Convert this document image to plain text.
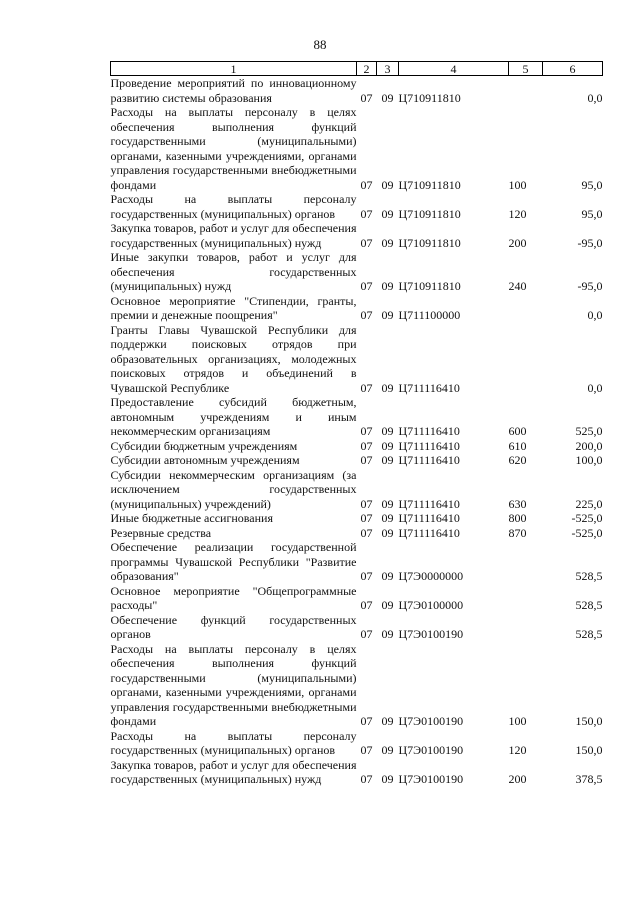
88
1	2	3	4	5	6
Проведение мероприятий по инновационному развитию системы образования	07	09	Ц710911810		0,0
Расходы на выплаты персоналу в целях обеспечения выполнения функций государственными (муниципальными) органами, казенными учреждениями, органами управления государственными внебюджетными фондами	07	09	Ц710911810	100	95,0
Расходы на выплаты персоналу государственных (муниципальных) органов	07	09	Ц710911810	120	95,0
Закупка товаров, работ и услуг для обеспечения государственных (муниципальных) нужд	07	09	Ц710911810	200	-95,0
Иные закупки товаров, работ и услуг для обеспечения государственных (муниципальных) нужд	07	09	Ц710911810	240	-95,0
Основное мероприятие "Стипендии, гранты, премии и денежные поощрения"	07	09	Ц711100000		0,0
Гранты Главы Чувашской Республики для поддержки поисковых отрядов при образовательных организациях, молодежных поисковых отрядов и объединений в Чувашской Республике	07	09	Ц711116410		0,0
Предоставление субсидий бюджетным, автономным учреждениям и иным некоммерческим организациям	07	09	Ц711116410	600	525,0
Субсидии бюджетным учреждениям	07	09	Ц711116410	610	200,0
Субсидии автономным учреждениям	07	09	Ц711116410	620	100,0
Субсидии некоммерческим организациям (за исключением государственных (муниципальных) учреждений)	07	09	Ц711116410	630	225,0
Иные бюджетные ассигнования	07	09	Ц711116410	800	-525,0
Резервные средства	07	09	Ц711116410	870	-525,0
Обеспечение реализации государственной программы Чувашской Республики "Развитие образования"	07	09	Ц7Э0000000		528,5
Основное мероприятие "Общепрограммные расходы"	07	09	Ц7Э0100000		528,5
Обеспечение функций государственных органов	07	09	Ц7Э0100190		528,5
Расходы на выплаты персоналу в целях обеспечения выполнения функций государственными (муниципальными) органами, казенными учреждениями, органами управления государственными внебюджетными фондами	07	09	Ц7Э0100190	100	150,0
Расходы на выплаты персоналу государственных (муниципальных) органов	07	09	Ц7Э0100190	120	150,0
Закупка товаров, работ и услуг для обеспечения государственных (муниципальных) нужд	07	09	Ц7Э0100190	200	378,5
